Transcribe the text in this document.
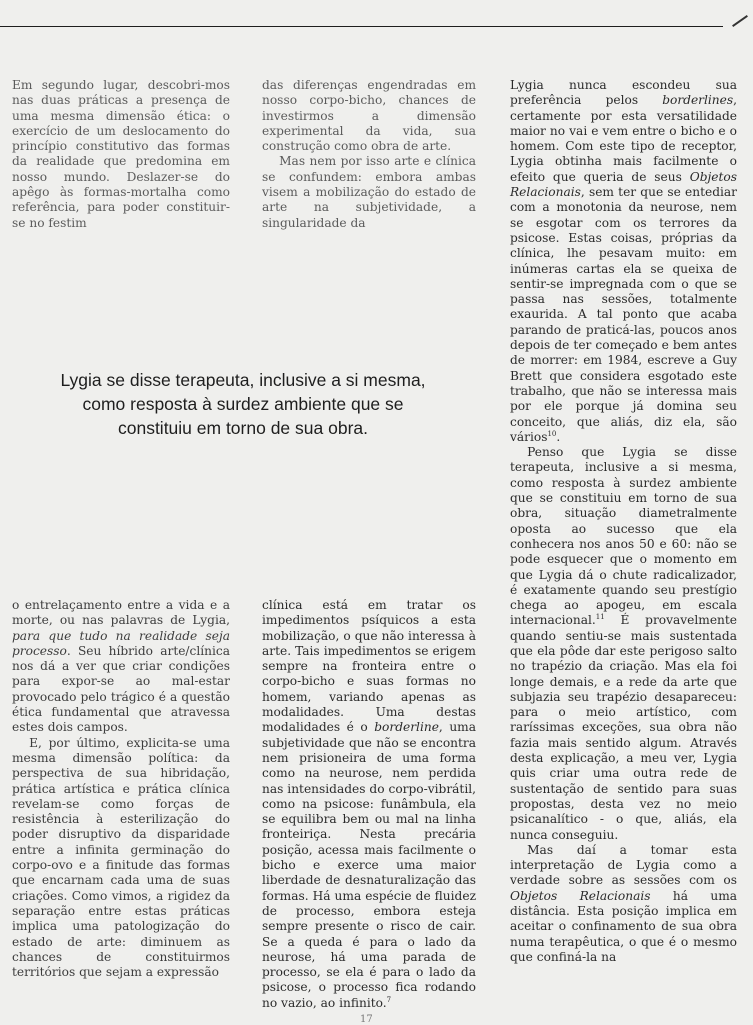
Em segundo lugar, descobri-mos nas duas práticas a presença de uma mesma dimensão ética: o exercício de um deslocamento do princípio constitutivo das formas da realidade que predomina em nosso mundo. Deslazer-se do apêgo às formas-mortalha como referência, para poder constituir-se no festim

das diferenças engendradas em nosso corpo-bicho, chances de investirmos a dimensão experimental da vida, sua construção como obra de arte.

Mas nem por isso arte e clínica se confundem: embora ambas visem a mobilização do estado de arte na subjetividade, a singularidade da

Lygia se disse terapeuta, inclusive a si mesma,
como resposta à surdez ambiente que se
constituiu em torno de sua obra.

o entrelaçamento entre a vida e a morte, ou nas palavras de Lygia, para que tudo na realidade seja processo. Seu híbrido arte/clínica nos dá a ver que criar condições para expor-se ao mal-estar provocado pelo trágico é a questão ética fundamental que atravessa estes dois campos.

E, por último, explicita-se uma mesma dimensão política: da perspectiva de sua hibridação, prática artística e prática clínica revelam-se como forças de resistência à esterilização do poder disruptivo da disparidade entre a infinita germinação do corpo-ovo e a finitude das formas que encarnam cada uma de suas criações. Como vimos, a rigidez da separação entre estas práticas implica uma patologização do estado de arte: diminuem as chances de constituirmos territórios que sejam a expressão

clínica está em tratar os impedimentos psíquicos a esta mobilização, o que não interessa à arte. Tais impedimentos se erigem sempre na fronteira entre o corpo-bicho e suas formas no homem, variando apenas as modalidades. Uma destas modalidades é o borderline, uma subjetividade que não se encontra nem prisioneira de uma forma como na neurose, nem perdida nas intensidades do corpo-vibrátil, como na psicose: funâmbula, ela se equilibra bem ou mal na linha fronteiriça. Nesta precária posição, acessa mais facilmente o bicho e exerce uma maior liberdade de desnaturalização das formas. Há uma espécie de fluidez de processo, embora esteja sempre presente o risco de cair. Se a queda é para o lado da neurose, há uma parada de processo, se ela é para o lado da psicose, o processo fica rodando no vazio, ao infinito.$^7$

Lygia nunca escondeu sua preferência pelos borderlines, certamente por esta versatilidade maior no vai e vem entre o bicho e o homem. Com este tipo de receptor, Lygia obtinha mais facilmente o efeito que queria de seus Objetos Relacionais, sem ter que se entediar com a monotonia da neurose, nem se esgotar com os terrores da psicose. Estas coisas, próprias da clínica, lhe pesavam muito: em inúmeras cartas ela se queixa de sentir-se impregnada com o que se passa nas sessões, totalmente exaurida. A tal ponto que acaba parando de praticá-las, poucos anos depois de ter começado e bem antes de morrer: em 1984, escreve a Guy Brett que considera esgotado este trabalho, que não se interessa mais por ele porque já domina seu conceito, que aliás, diz ela, são vários$^{10}$.

Penso que Lygia se disse terapeuta, inclusive a si mesma, como resposta à surdez ambiente que se constituiu em torno de sua obra, situação diametralmente oposta ao sucesso que ela conhecera nos anos 50 e 60: não se pode esquecer que o momento em que Lygia dá o chute radicalizador, é exatamente quando seu prestígio chega ao apogeu, em escala internacional.$^{11}$ É provavelmente quando sentiu-se mais sustentada que ela pôde dar este perigoso salto no trapézio da criação. Mas ela foi longe demais, e a rede da arte que subjazia seu trapézio desapareceu: para o meio artístico, com raríssimas exceções, sua obra não fazia mais sentido algum. Através desta explicação, a meu ver, Lygia quis criar uma outra rede de sustentação de sentido para suas propostas, desta vez no meio psicanalítico - o que, aliás, ela nunca conseguiu.

Mas daí a tomar esta interpretação de Lygia como a verdade sobre as sessões com os Objetos Relacionais há uma distância. Esta posição implica em aceitar o confinamento de sua obra numa terapêutica, o que é o mesmo que confiná-la na

17
